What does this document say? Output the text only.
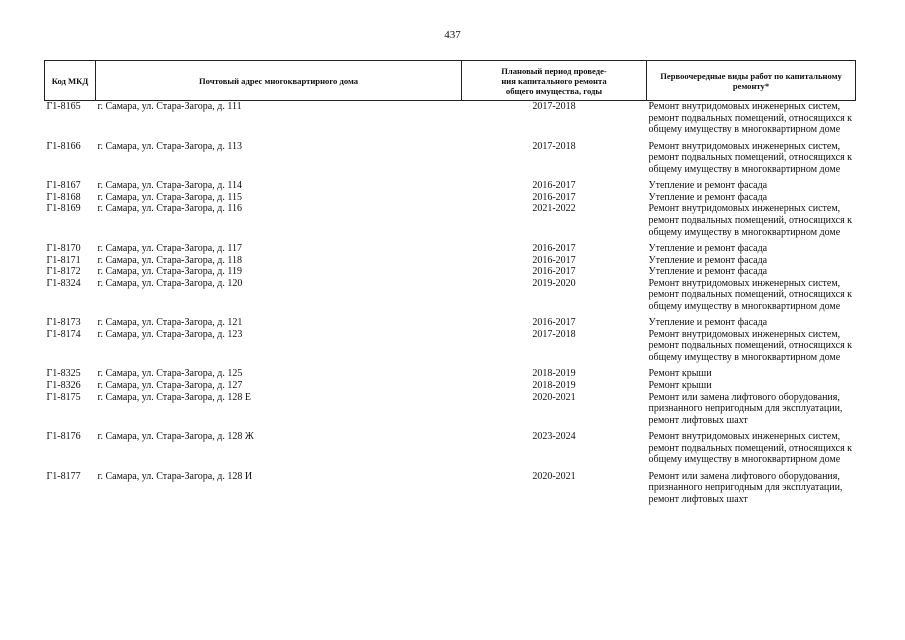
437
Код МКД	Почтовый адрес многоквартирного дома	Плановый период проведе-
ния капитального ремонта
общего имущества, годы	Первоочередные виды работ по капитальному
ремонту*

Г1-8165	г. Самара, ул. Стара-Загора, д. 111	2017-2018	Ремонт внутридомовых инженерных систем,
ремонт подвальных помещений, относящихся к
общему имуществу в многоквартирном доме

Г1-8166	г. Самара, ул. Стара-Загора, д. 113	2017-2018	Ремонт внутридомовых инженерных систем,
ремонт подвальных помещений, относящихся к
общему имуществу в многоквартирном доме

Г1-8167	г. Самара, ул. Стара-Загора, д. 114	2016-2017	Утепление и ремонт фасада

Г1-8168	г. Самара, ул. Стара-Загора, д. 115	2016-2017	Утепление и ремонт фасада

Г1-8169	г. Самара, ул. Стара-Загора, д. 116	2021-2022	Ремонт внутридомовых инженерных систем,
ремонт подвальных помещений, относящихся к
общему имуществу в многоквартирном доме

Г1-8170	г. Самара, ул. Стара-Загора, д. 117	2016-2017	Утепление и ремонт фасада

Г1-8171	г. Самара, ул. Стара-Загора, д. 118	2016-2017	Утепление и ремонт фасада

Г1-8172	г. Самара, ул. Стара-Загора, д. 119	2016-2017	Утепление и ремонт фасада

Г1-8324	г. Самара, ул. Стара-Загора, д. 120	2019-2020	Ремонт внутридомовых инженерных систем,
ремонт подвальных помещений, относящихся к
общему имуществу в многоквартирном доме

Г1-8173	г. Самара, ул. Стара-Загора, д. 121	2016-2017	Утепление и ремонт фасада

Г1-8174	г. Самара, ул. Стара-Загора, д. 123	2017-2018	Ремонт внутридомовых инженерных систем,
ремонт подвальных помещений, относящихся к
общему имуществу в многоквартирном доме

Г1-8325	г. Самара, ул. Стара-Загора, д. 125	2018-2019	Ремонт крыши

Г1-8326	г. Самара, ул. Стара-Загора, д. 127	2018-2019	Ремонт крыши

Г1-8175	г. Самара, ул. Стара-Загора, д. 128 Е	2020-2021	Ремонт или замена лифтового оборудования,
признанного непригодным для эксплуатации,
ремонт лифтовых шахт

Г1-8176	г. Самара, ул. Стара-Загора, д. 128 Ж	2023-2024	Ремонт внутридомовых инженерных систем,
ремонт подвальных помещений, относящихся к
общему имуществу в многоквартирном доме

Г1-8177	г. Самара, ул. Стара-Загора, д. 128 И	2020-2021	Ремонт или замена лифтового оборудования,
признанного непригодным для эксплуатации,
ремонт лифтовых шахт
